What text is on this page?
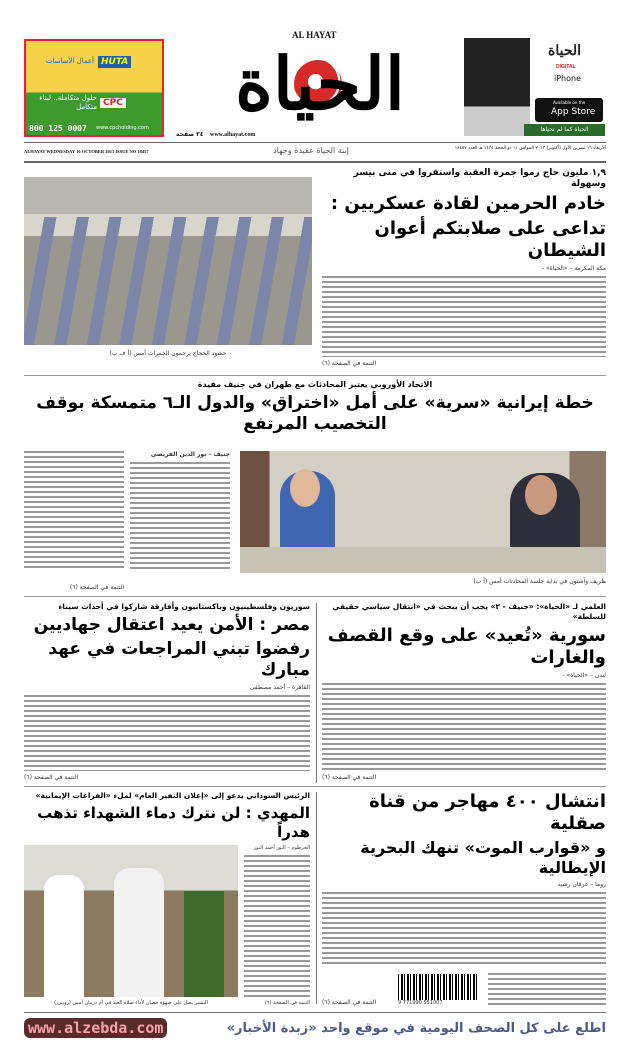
HUTA
أعمال الأساسات
CPC
حلول متكاملة.. لبناء متكامل
800 125 0007 www.cpcholding.com
AL HAYAT
الحياة
٣٤ صفحة www.alhayat.com
الحياة
DIGITAL
iPhone
Available on the
App Store
الحياة كما لم تحياها
ALHAYAT WEDNESDAY 16 OCTOBER 2013 ISSUE NO 18457	إبنة الحياة عقيدة وجهاد	الأربعاء ١٦ تشرين الأول (أكتوبر) ٢٠١٣ الموافق ١١ ذو الحجة ١٤٣٤ هـ العدد ١٨٤٥٧
١,٩ مليون حاج رموا جمرة العقبة واستقروا في منى بيسر وسهولة
خادم الحرمين لقادة عسكريين :
تداعى على صلابتكم أعوان الشيطان
مكة المكرمة – «الحياة» -
التتمة في الصفحة (٦)
حشود الحجاج يرجمون الجمرات أمس (أ ف ب)
الاتحاد الأوروبي يعتبر المحادثات مع طهران في جنيف مفيدة
خطة إيرانية «سرية» على أمل «اختراق» والدول الـ٦ متمسكة بوقف التخصيب المرتفع
جنيف – نور الدين الفريضي
التتمة في الصفحة (٦)
ظريف وآشتون في بداية جلسة المحادثات أمس (أ ب)
العلمي لـ «الحياة»: «جنيف - ٢» يجب أن يبحث في «انتقال سياسي حقيقي للسلطة»
سورية «تُعيد» على وقع القصف والغارات
لندن – «الحياة» -
التتمة في الصفحة (٦)
سوريون وفلسطينيون وباكستانيون وأفارقة شاركوا في أحداث سيناء
مصر : الأمن يعيد اعتقال جهاديين
رفضوا تبني المراجعات في عهد مبارك
القاهرة – أحمد مصطفى
التتمة في الصفحة (٦)
انتشال ٤٠٠ مهاجر من قناة صقلية
و «قوارب الموت» تنهك البحرية الإيطالية
روما – عرفان رشيد
التتمة في الصفحة (٦)	9 771990 551007
الرئيس السوداني يدعو إلى «إعلان النفير العام» لملء «الفراغات الإيمانية»
المهدي : لن نترك دماء الشهداء تذهب هدراً
الخرطوم – النور أحمد النور
البشير يصل على صهوة حصان لأداء صلاة العيد في أم درمان أمس (رويترز)	التتمة في الصفحة (٦)
www.alzebda.com	اطلع على كل الصحف اليومية في موقع واحد «زبدة الأخبار»
